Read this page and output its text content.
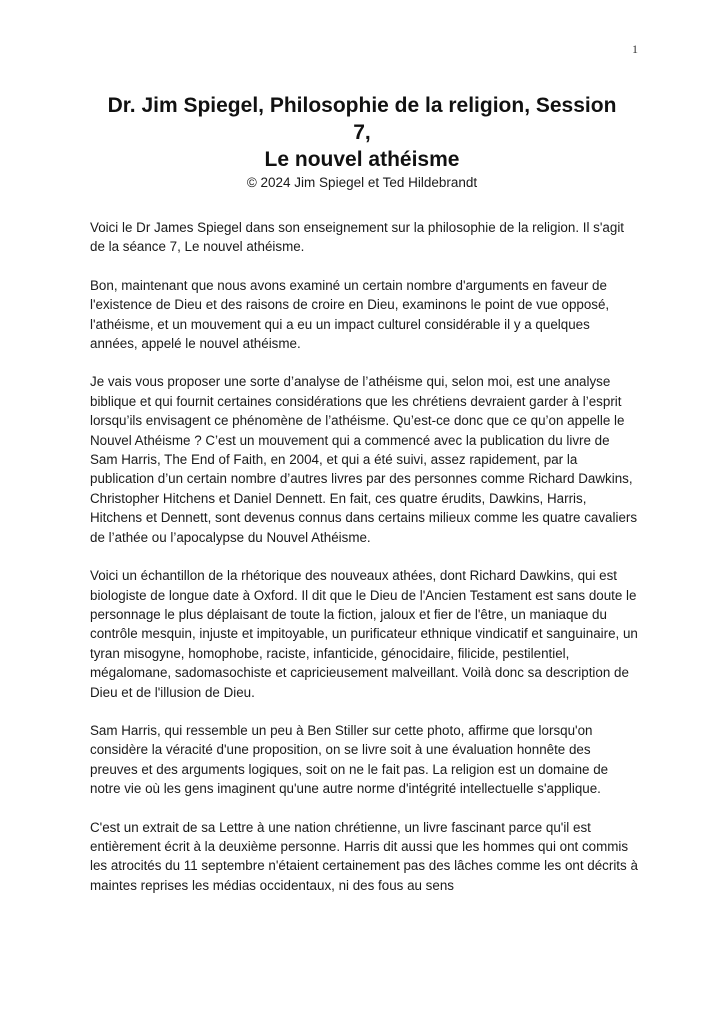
1
Dr. Jim Spiegel, Philosophie de la religion, Session
7,
Le nouvel athéisme

© 2024 Jim Spiegel et Ted Hildebrandt

Voici le Dr James Spiegel dans son enseignement sur la philosophie de la religion. Il s'agit de la séance 7, Le nouvel athéisme.

Bon, maintenant que nous avons examiné un certain nombre d'arguments en faveur de l'existence de Dieu et des raisons de croire en Dieu, examinons le point de vue opposé, l'athéisme, et un mouvement qui a eu un impact culturel considérable il y a quelques années, appelé le nouvel athéisme.

Je vais vous proposer une sorte d’analyse de l’athéisme qui, selon moi, est une analyse biblique et qui fournit certaines considérations que les chrétiens devraient garder à l’esprit lorsqu’ils envisagent ce phénomène de l’athéisme. Qu’est-ce donc que ce qu’on appelle le Nouvel Athéisme ? C’est un mouvement qui a commencé avec la publication du livre de Sam Harris, The End of Faith, en 2004, et qui a été suivi, assez rapidement, par la publication d’un certain nombre d’autres livres par des personnes comme Richard Dawkins, Christopher Hitchens et Daniel Dennett. En fait, ces quatre érudits, Dawkins, Harris, Hitchens et Dennett, sont devenus connus dans certains milieux comme les quatre cavaliers de l’athée ou l’apocalypse du Nouvel Athéisme.

Voici un échantillon de la rhétorique des nouveaux athées, dont Richard Dawkins, qui est biologiste de longue date à Oxford. Il dit que le Dieu de l'Ancien Testament est sans doute le personnage le plus déplaisant de toute la fiction, jaloux et fier de l'être, un maniaque du contrôle mesquin, injuste et impitoyable, un purificateur ethnique vindicatif et sanguinaire, un tyran misogyne, homophobe, raciste, infanticide, génocidaire, filicide, pestilentiel, mégalomane, sadomasochiste et capricieusement malveillant. Voilà donc sa description de Dieu et de l'illusion de Dieu.

Sam Harris, qui ressemble un peu à Ben Stiller sur cette photo, affirme que lorsqu'on considère la véracité d'une proposition, on se livre soit à une évaluation honnête des preuves et des arguments logiques, soit on ne le fait pas. La religion est un domaine de notre vie où les gens imaginent qu'une autre norme d'intégrité intellectuelle s'applique.

C'est un extrait de sa Lettre à une nation chrétienne, un livre fascinant parce qu'il est entièrement écrit à la deuxième personne. Harris dit aussi que les hommes qui ont commis les atrocités du 11 septembre n'étaient certainement pas des lâches comme les ont décrits à maintes reprises les médias occidentaux, ni des fous au sens
